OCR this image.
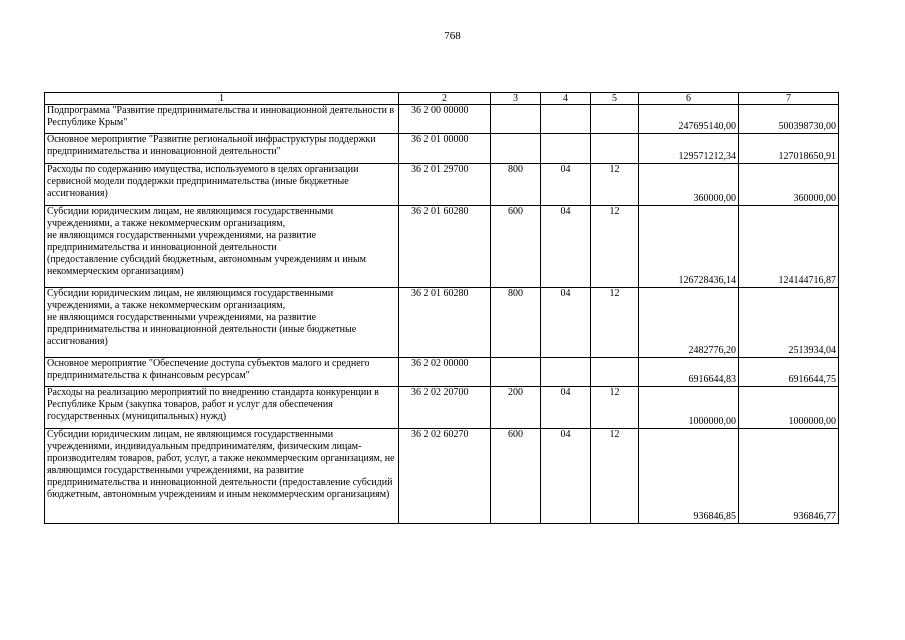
768
1	2	3	4	5	6	7
Подпрограмма "Развитие предпринимательства и инновационной деятельности в Республике Крым"	36 2 00 00000				247695140,00	500398730,00
Основное мероприятие "Развитие региональной инфраструктуры поддержки предпринимательства и инновационной деятельности"	36 2 01 00000				129571212,34	127018650,91
Расходы по содержанию имущества, используемого в целях организации сервисной модели поддержки предпринимательства (иные бюджетные ассигнования)	36 2 01 29700	800	04	12	360000,00	360000,00
Субсидии юридическим лицам, не являющимся государственными учреждениями, а также некоммерческим организациям,
не являющимся государственными учреждениями, на развитие предпринимательства и инновационной деятельности
(предоставление субсидий бюджетным, автономным учреждениям и иным некоммерческим организациям)	36 2 01 60280	600	04	12	126728436,14	124144716,87
Субсидии юридическим лицам, не являющимся государственными учреждениями, а также некоммерческим организациям,
не являющимся государственными учреждениями, на развитие предпринимательства и инновационной деятельности (иные бюджетные ассигнования)	36 2 01 60280	800	04	12	2482776,20	2513934,04
Основное мероприятие "Обеспечение доступа субъектов малого и среднего предпринимательства к финансовым ресурсам"	36 2 02 00000				6916644,83	6916644,75
Расходы на реализацию мероприятий по внедрению стандарта конкуренции в Республике Крым (закупка товаров, работ и услуг для обеспечения государственных (муниципальных) нужд)	36 2 02 20700	200	04	12	1000000,00	1000000,00
Субсидии юридическим лицам, не являющимся государственными учреждениями, индивидуальным предпринимателям, физическим лицам-производителям товаров, работ, услуг, а также некоммерческим организациям, не являющимся государственными учреждениями, на развитие предпринимательства и инновационной деятельности (предоставление субсидий бюджетным, автономным учреждениям и иным некоммерческим организациям)	36 2 02 60270	600	04	12	936846,85	936846,77
